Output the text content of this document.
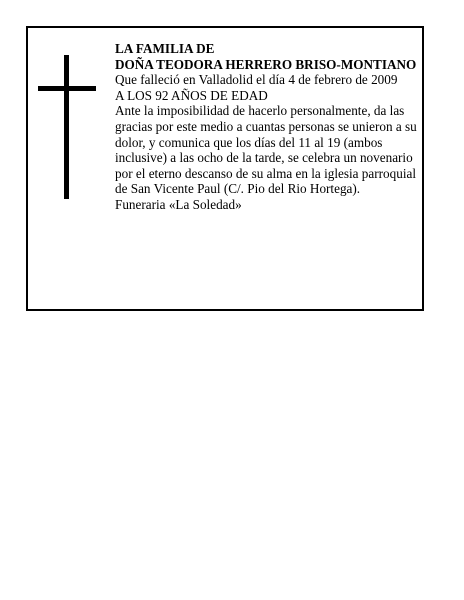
LA FAMILIA DE

DOÑA TEODORA HERRERO BRISO-MONTIANO

Que falleció en Valladolid el día 4 de febrero de 2009

A LOS 92 AÑOS DE EDAD

Ante la imposibilidad de hacerlo personalmente, da las gracias por este medio a cuantas personas se unieron a su dolor, y comunica que los días del 11 al 19 (ambos inclusive) a las ocho de la tarde, se celebra un novenario por el eterno descanso de su alma en la iglesia parroquial de San Vicente Paul (C/. Pio del Rio Hortega).

Funeraria «La Soledad»
